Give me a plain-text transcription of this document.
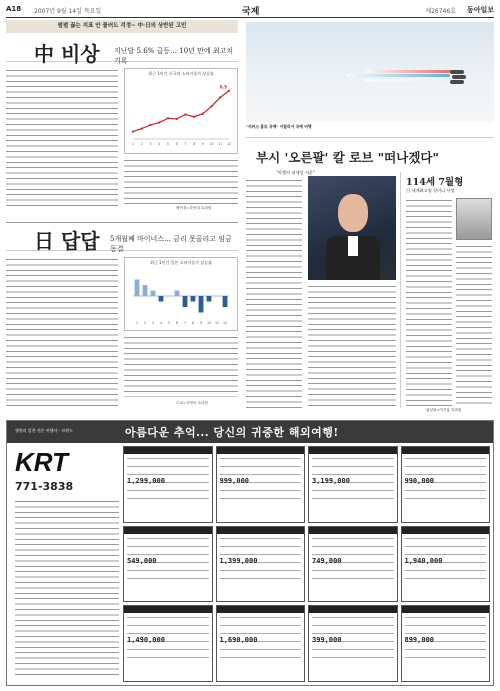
A18 2007년 9월 14일 목요일	국제	제26746호 동아일보
펄펄 끓는 지표 안 물러도 걱정~ 中·日의 상반된 고민
中 비상 지난달 5.6% 급등… 10년 만에 최고치 기록
최근 1년간 중국의 소비자물가 상승률
1 2 3 4 5 6 7 8 9 10 11 12
6.5
베이징=하종대 특파원
日 답답 5개월째 마이너스… 금리 못올리고 임금 동결
최근 1년간 일본 소비자물가 상승률
1 2 3 4 5 6 7 8 9 10 11 12
도쿄=서영아 특파원
"서커스 흉토 곡예" 이탈리아 곡예 비행
부시 '오른팔' 칼 로브 "떠나겠다"
"야겠어 떠세상 서운"
114세 7월형
日 세계최고령 할머니 사망
워싱턴=이기홍 특파원
행원의 알찬 전문 여행사 - 브랜드	아름다운 추억... 당신의 귀중한 해외여행!
KRT
771-3838	1,299,000	999,000	3,199,000	990,000
549,000	1,399,000	749,000	1,940,000
1,490,000	1,690,000	399,000	899,000
